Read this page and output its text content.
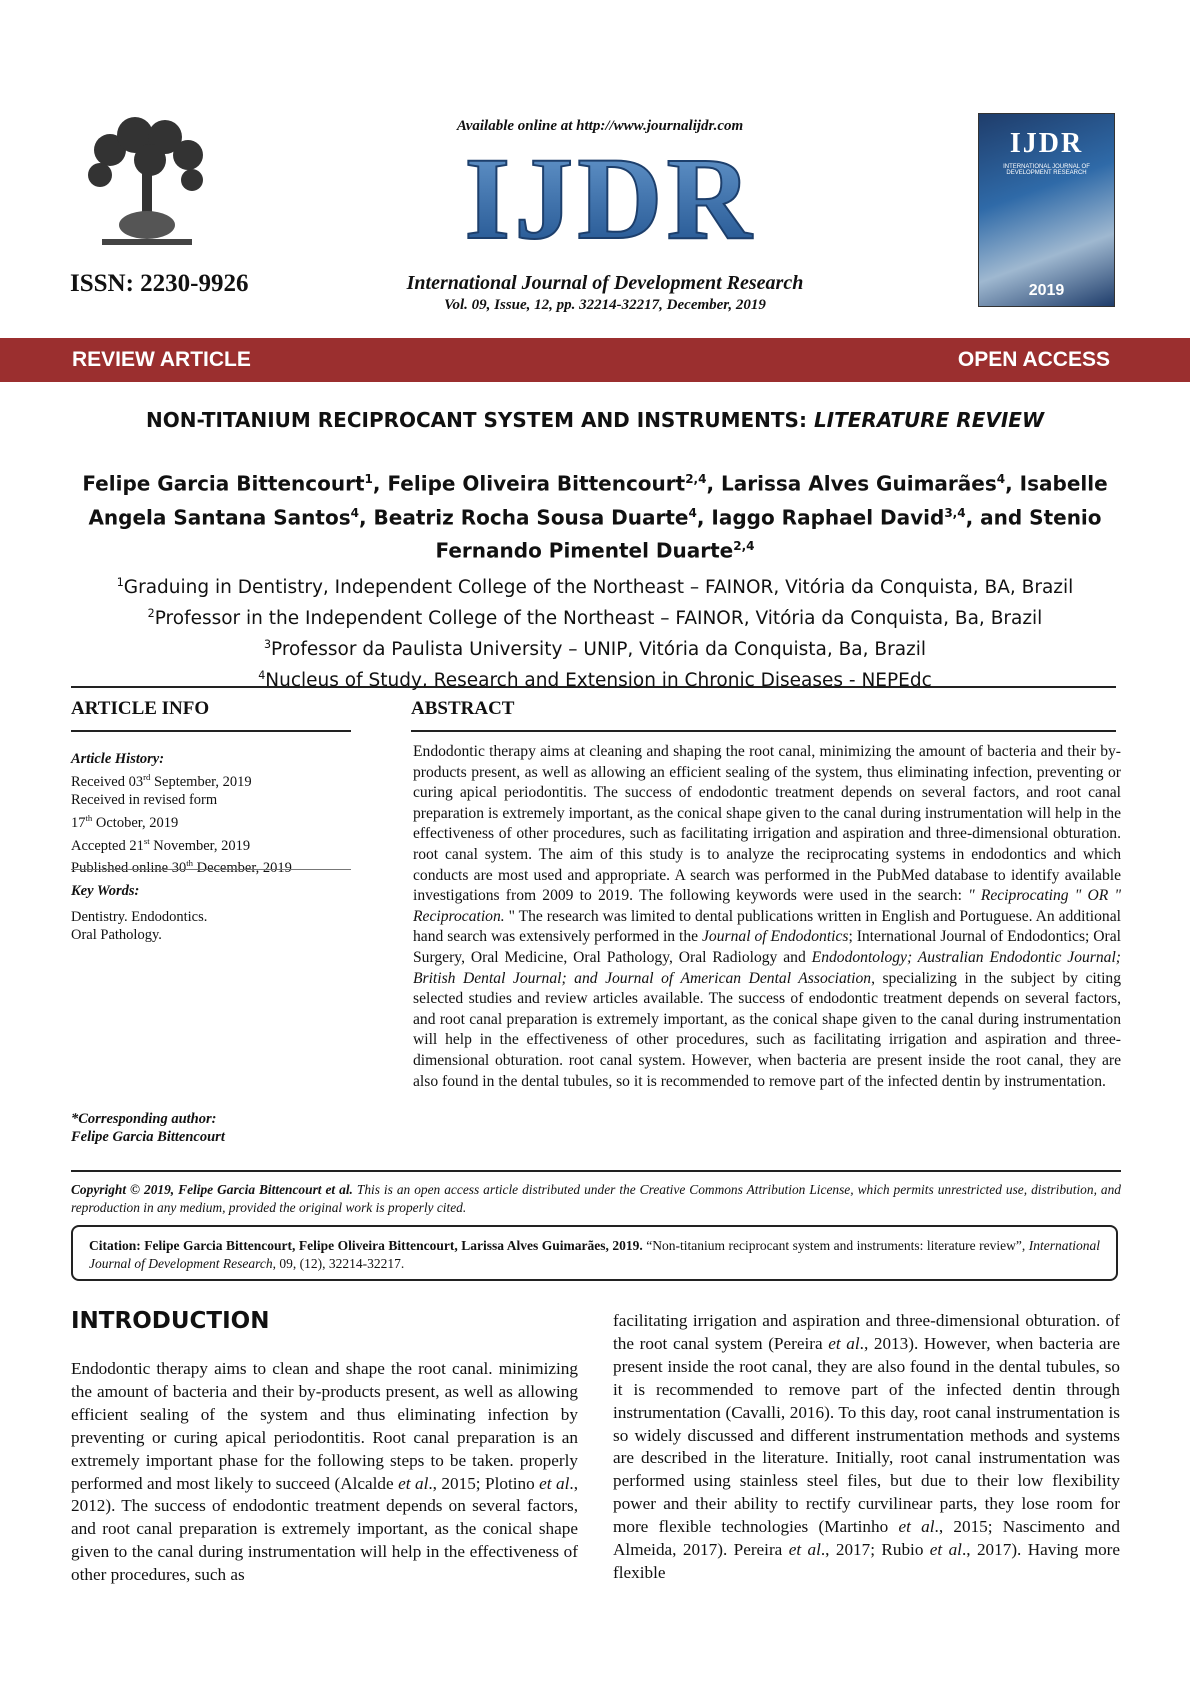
ISSN: 2230-9926
Available online at http://www.journalijdr.com
IJDR
International Journal of Development Research
Vol. 09, Issue, 12, pp. 32214-32217, December, 2019
IJDR
INTERNATIONAL JOURNAL OF DEVELOPMENT RESEARCH
2019
REVIEW ARTICLE	OPEN ACCESS
NON-TITANIUM RECIPROCANT SYSTEM AND INSTRUMENTS: LITERATURE REVIEW
Felipe Garcia Bittencourt$^1$, Felipe Oliveira Bittencourt$^{2,4}$, Larissa Alves Guimarães$^4$, Isabelle Angela Santana Santos$^4$, Beatriz Rocha Sousa Duarte$^4$, Iaggo Raphael David$^{3,4}$, and Stenio Fernando Pimentel Duarte$^{2,4}$
$^1$Graduing in Dentistry, Independent College of the Northeast – FAINOR, Vitória da Conquista, BA, Brazil
$^2$Professor in the Independent College of the Northeast – FAINOR, Vitória da Conquista, Ba, Brazil
$^3$Professor da Paulista University – UNIP, Vitória da Conquista, Ba, Brazil
$^4$Nucleus of Study, Research and Extension in Chronic Diseases - NEPEdc
ARTICLE INFO	ABSTRACT
Article History:
Received 03rd September, 2019
Received in revised form
17th October, 2019
Accepted 21st November, 2019
Published online 30th December, 2019
Key Words:
Dentistry. Endodontics.
Oral Pathology.
*Corresponding author:
Felipe Garcia Bittencourt
Endodontic therapy aims at cleaning and shaping the root canal, minimizing the amount of bacteria and their by-products present, as well as allowing an efficient sealing of the system, thus eliminating infection, preventing or curing apical periodontitis. The success of endodontic treatment depends on several factors, and root canal preparation is extremely important, as the conical shape given to the canal during instrumentation will help in the effectiveness of other procedures, such as facilitating irrigation and aspiration and three-dimensional obturation. root canal system. The aim of this study is to analyze the reciprocating systems in endodontics and which conducts are most used and appropriate. A search was performed in the PubMed database to identify available investigations from 2009 to 2019. The following keywords were used in the search: " Reciprocating " OR " Reciprocation. " The research was limited to dental publications written in English and Portuguese. An additional hand search was extensively performed in the Journal of Endodontics; International Journal of Endodontics; Oral Surgery, Oral Medicine, Oral Pathology, Oral Radiology and Endodontology; Australian Endodontic Journal; British Dental Journal; and Journal of American Dental Association, specializing in the subject by citing selected studies and review articles available. The success of endodontic treatment depends on several factors, and root canal preparation is extremely important, as the conical shape given to the canal during instrumentation will help in the effectiveness of other procedures, such as facilitating irrigation and aspiration and three-dimensional obturation. root canal system. However, when bacteria are present inside the root canal, they are also found in the dental tubules, so it is recommended to remove part of the infected dentin by instrumentation.
Copyright © 2019, Felipe Garcia Bittencourt et al. This is an open access article distributed under the Creative Commons Attribution License, which permits unrestricted use, distribution, and reproduction in any medium, provided the original work is properly cited.
Citation: Felipe Garcia Bittencourt, Felipe Oliveira Bittencourt, Larissa Alves Guimarães, 2019. “Non-titanium reciprocant system and instruments: literature review”, International Journal of Development Research, 09, (12), 32214-32217.
INTRODUCTION
Endodontic therapy aims to clean and shape the root canal. minimizing the amount of bacteria and their by-products present, as well as allowing efficient sealing of the system and thus eliminating infection by preventing or curing apical periodontitis. Root canal preparation is an extremely important phase for the following steps to be taken. properly performed and most likely to succeed (Alcalde et al., 2015; Plotino et al., 2012). The success of endodontic treatment depends on several factors, and root canal preparation is extremely important, as the conical shape given to the canal during instrumentation will help in the effectiveness of other procedures, such as
facilitating irrigation and aspiration and three-dimensional obturation. of the root canal system (Pereira et al., 2013). However, when bacteria are present inside the root canal, they are also found in the dental tubules, so it is recommended to remove part of the infected dentin through instrumentation (Cavalli, 2016). To this day, root canal instrumentation is so widely discussed and different instrumentation methods and systems are described in the literature. Initially, root canal instrumentation was performed using stainless steel files, but due to their low flexibility power and their ability to rectify curvilinear parts, they lose room for more flexible technologies (Martinho et al., 2015; Nascimento and Almeida, 2017). Pereira et al., 2017; Rubio et al., 2017). Having more flexible
